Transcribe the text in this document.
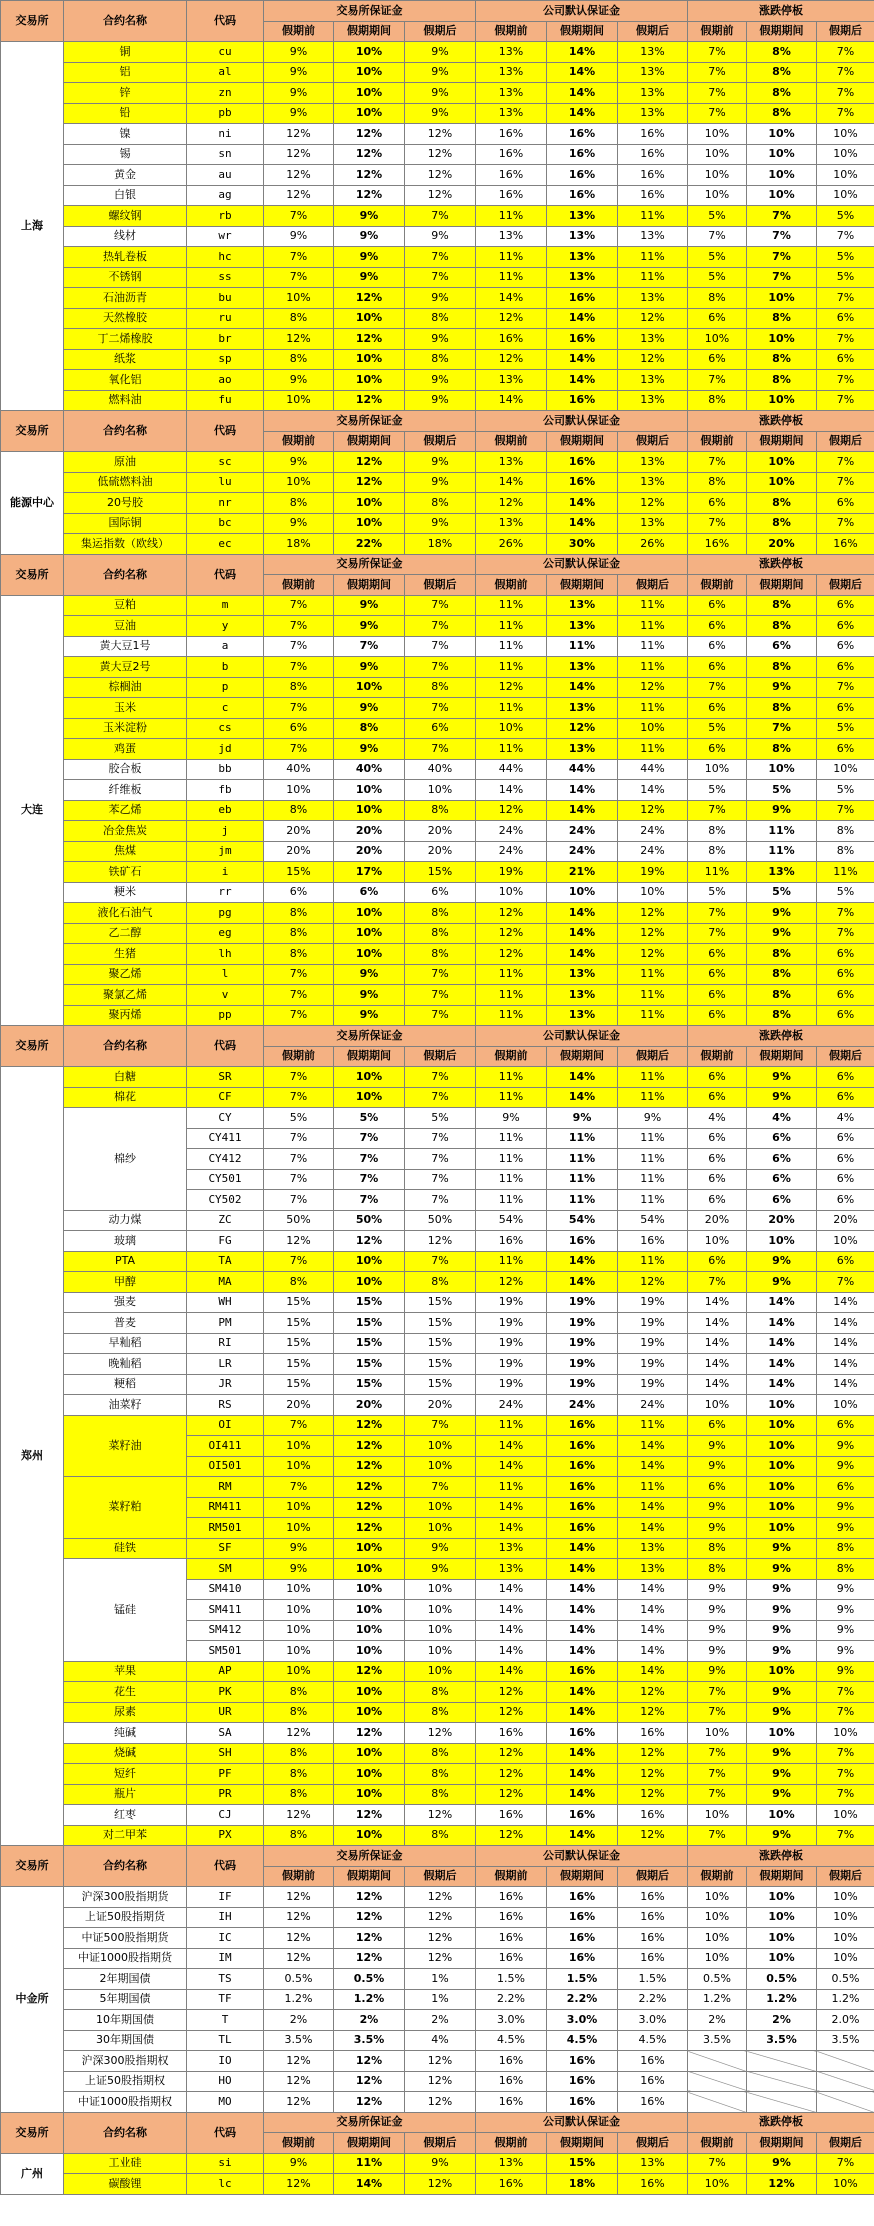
交易所	合约名称	代码	交易所保证金			公司默认保证金			涨跌停板		
			假期前	假期期间	假期后	假期前	假期期间	假期后	假期前	假期期间	假期后
上海	铜	cu	9%	10%	9%	13%	14%	13%	7%	8%	7%
	铝	al	9%	10%	9%	13%	14%	13%	7%	8%	7%
	锌	zn	9%	10%	9%	13%	14%	13%	7%	8%	7%
	铅	pb	9%	10%	9%	13%	14%	13%	7%	8%	7%
	镍	ni	12%	12%	12%	16%	16%	16%	10%	10%	10%
	锡	sn	12%	12%	12%	16%	16%	16%	10%	10%	10%
	黄金	au	12%	12%	12%	16%	16%	16%	10%	10%	10%
	白银	ag	12%	12%	12%	16%	16%	16%	10%	10%	10%
	螺纹钢	rb	7%	9%	7%	11%	13%	11%	5%	7%	5%
	线材	wr	9%	9%	9%	13%	13%	13%	7%	7%	7%
	热轧卷板	hc	7%	9%	7%	11%	13%	11%	5%	7%	5%
	不锈钢	ss	7%	9%	7%	11%	13%	11%	5%	7%	5%
	石油沥青	bu	10%	12%	9%	14%	16%	13%	8%	10%	7%
	天然橡胶	ru	8%	10%	8%	12%	14%	12%	6%	8%	6%
	丁二烯橡胶	br	12%	12%	9%	16%	16%	13%	10%	10%	7%
	纸浆	sp	8%	10%	8%	12%	14%	12%	6%	8%	6%
	氧化铝	ao	9%	10%	9%	13%	14%	13%	7%	8%	7%
	燃料油	fu	10%	12%	9%	14%	16%	13%	8%	10%	7%
交易所	合约名称	代码	交易所保证金			公司默认保证金			涨跌停板		
			假期前	假期期间	假期后	假期前	假期期间	假期后	假期前	假期期间	假期后
能源中心	原油	sc	9%	12%	9%	13%	16%	13%	7%	10%	7%
	低硫燃料油	lu	10%	12%	9%	14%	16%	13%	8%	10%	7%
	20号胶	nr	8%	10%	8%	12%	14%	12%	6%	8%	6%
	国际铜	bc	9%	10%	9%	13%	14%	13%	7%	8%	7%
	集运指数（欧线）	ec	18%	22%	18%	26%	30%	26%	16%	20%	16%
交易所	合约名称	代码	交易所保证金			公司默认保证金			涨跌停板		
			假期前	假期期间	假期后	假期前	假期期间	假期后	假期前	假期期间	假期后
大连	豆粕	m	7%	9%	7%	11%	13%	11%	6%	8%	6%
	豆油	y	7%	9%	7%	11%	13%	11%	6%	8%	6%
	黄大豆1号	a	7%	7%	7%	11%	11%	11%	6%	6%	6%
	黄大豆2号	b	7%	9%	7%	11%	13%	11%	6%	8%	6%
	棕榈油	p	8%	10%	8%	12%	14%	12%	7%	9%	7%
	玉米	c	7%	9%	7%	11%	13%	11%	6%	8%	6%
	玉米淀粉	cs	6%	8%	6%	10%	12%	10%	5%	7%	5%
	鸡蛋	jd	7%	9%	7%	11%	13%	11%	6%	8%	6%
	胶合板	bb	40%	40%	40%	44%	44%	44%	10%	10%	10%
	纤维板	fb	10%	10%	10%	14%	14%	14%	5%	5%	5%
	苯乙烯	eb	8%	10%	8%	12%	14%	12%	7%	9%	7%
	冶金焦炭	j	20%	20%	20%	24%	24%	24%	8%	11%	8%
	焦煤	jm	20%	20%	20%	24%	24%	24%	8%	11%	8%
	铁矿石	i	15%	17%	15%	19%	21%	19%	11%	13%	11%
	粳米	rr	6%	6%	6%	10%	10%	10%	5%	5%	5%
	液化石油气	pg	8%	10%	8%	12%	14%	12%	7%	9%	7%
	乙二醇	eg	8%	10%	8%	12%	14%	12%	7%	9%	7%
	生猪	lh	8%	10%	8%	12%	14%	12%	6%	8%	6%
	聚乙烯	l	7%	9%	7%	11%	13%	11%	6%	8%	6%
	聚氯乙烯	v	7%	9%	7%	11%	13%	11%	6%	8%	6%
	聚丙烯	pp	7%	9%	7%	11%	13%	11%	6%	8%	6%
交易所	合约名称	代码	交易所保证金			公司默认保证金			涨跌停板		
			假期前	假期期间	假期后	假期前	假期期间	假期后	假期前	假期期间	假期后
郑州	白糖	SR	7%	10%	7%	11%	14%	11%	6%	9%	6%
	棉花	CF	7%	10%	7%	11%	14%	11%	6%	9%	6%
	棉纱	CY	5%	5%	5%	9%	9%	9%	4%	4%	4%
		CY411	7%	7%	7%	11%	11%	11%	6%	6%	6%
		CY412	7%	7%	7%	11%	11%	11%	6%	6%	6%
		CY501	7%	7%	7%	11%	11%	11%	6%	6%	6%
		CY502	7%	7%	7%	11%	11%	11%	6%	6%	6%
	动力煤	ZC	50%	50%	50%	54%	54%	54%	20%	20%	20%
	玻璃	FG	12%	12%	12%	16%	16%	16%	10%	10%	10%
	PTA	TA	7%	10%	7%	11%	14%	11%	6%	9%	6%
	甲醇	MA	8%	10%	8%	12%	14%	12%	7%	9%	7%
	强麦	WH	15%	15%	15%	19%	19%	19%	14%	14%	14%
	普麦	PM	15%	15%	15%	19%	19%	19%	14%	14%	14%
	早籼稻	RI	15%	15%	15%	19%	19%	19%	14%	14%	14%
	晚籼稻	LR	15%	15%	15%	19%	19%	19%	14%	14%	14%
	粳稻	JR	15%	15%	15%	19%	19%	19%	14%	14%	14%
	油菜籽	RS	20%	20%	20%	24%	24%	24%	10%	10%	10%
	菜籽油	OI	7%	12%	7%	11%	16%	11%	6%	10%	6%
		OI411	10%	12%	10%	14%	16%	14%	9%	10%	9%
		OI501	10%	12%	10%	14%	16%	14%	9%	10%	9%
	菜籽粕	RM	7%	12%	7%	11%	16%	11%	6%	10%	6%
		RM411	10%	12%	10%	14%	16%	14%	9%	10%	9%
		RM501	10%	12%	10%	14%	16%	14%	9%	10%	9%
	硅铁	SF	9%	10%	9%	13%	14%	13%	8%	9%	8%
	锰硅	SM	9%	10%	9%	13%	14%	13%	8%	9%	8%
		SM410	10%	10%	10%	14%	14%	14%	9%	9%	9%
		SM411	10%	10%	10%	14%	14%	14%	9%	9%	9%
		SM412	10%	10%	10%	14%	14%	14%	9%	9%	9%
		SM501	10%	10%	10%	14%	14%	14%	9%	9%	9%
	苹果	AP	10%	12%	10%	14%	16%	14%	9%	10%	9%
	花生	PK	8%	10%	8%	12%	14%	12%	7%	9%	7%
	尿素	UR	8%	10%	8%	12%	14%	12%	7%	9%	7%
	纯碱	SA	12%	12%	12%	16%	16%	16%	10%	10%	10%
	烧碱	SH	8%	10%	8%	12%	14%	12%	7%	9%	7%
	短纤	PF	8%	10%	8%	12%	14%	12%	7%	9%	7%
	瓶片	PR	8%	10%	8%	12%	14%	12%	7%	9%	7%
	红枣	CJ	12%	12%	12%	16%	16%	16%	10%	10%	10%
	对二甲苯	PX	8%	10%	8%	12%	14%	12%	7%	9%	7%
交易所	合约名称	代码	交易所保证金			公司默认保证金			涨跌停板		
			假期前	假期期间	假期后	假期前	假期期间	假期后	假期前	假期期间	假期后
中金所	沪深300股指期货	IF	12%	12%	12%	16%	16%	16%	10%	10%	10%
	上证50股指期货	IH	12%	12%	12%	16%	16%	16%	10%	10%	10%
	中证500股指期货	IC	12%	12%	12%	16%	16%	16%	10%	10%	10%
	中证1000股指期货	IM	12%	12%	12%	16%	16%	16%	10%	10%	10%
	2年期国债	TS	0.5%	0.5%	1%	1.5%	1.5%	1.5%	0.5%	0.5%	0.5%
	5年期国债	TF	1.2%	1.2%	1%	2.2%	2.2%	2.2%	1.2%	1.2%	1.2%
	10年期国债	T	2%	2%	2%	3.0%	3.0%	3.0%	2%	2%	2.0%
	30年期国债	TL	3.5%	3.5%	4%	4.5%	4.5%	4.5%	3.5%	3.5%	3.5%
	沪深300股指期权	IO	12%	12%	12%	16%	16%	16%			
	上证50股指期权	HO	12%	12%	12%	16%	16%	16%			
	中证1000股指期权	MO	12%	12%	12%	16%	16%	16%			
交易所	合约名称	代码	交易所保证金			公司默认保证金			涨跌停板		
			假期前	假期期间	假期后	假期前	假期期间	假期后	假期前	假期期间	假期后
广州	工业硅	si	9%	11%	9%	13%	15%	13%	7%	9%	7%
	碳酸锂	lc	12%	14%	12%	16%	18%	16%	10%	12%	10%
